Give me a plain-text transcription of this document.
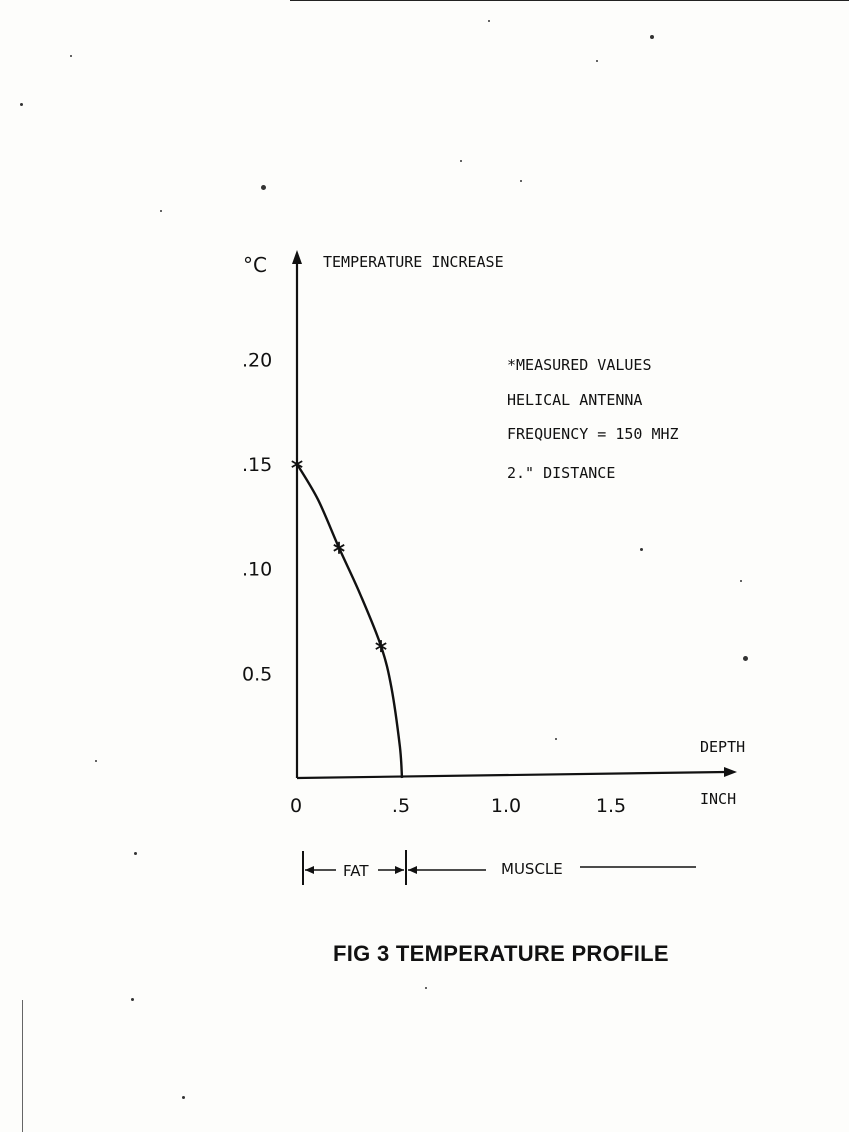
°C	TEMPERATURE INCREASE
DEPTH
INCH
0.5
.10
.15
.20
0	.5	1.0	1.5
*MEASURED VALUES
HELICAL ANTENNA
FREQUENCY = 150 MHZ
2." DISTANCE
FAT	MUSCLE

FIG 3 TEMPERATURE PROFILE
